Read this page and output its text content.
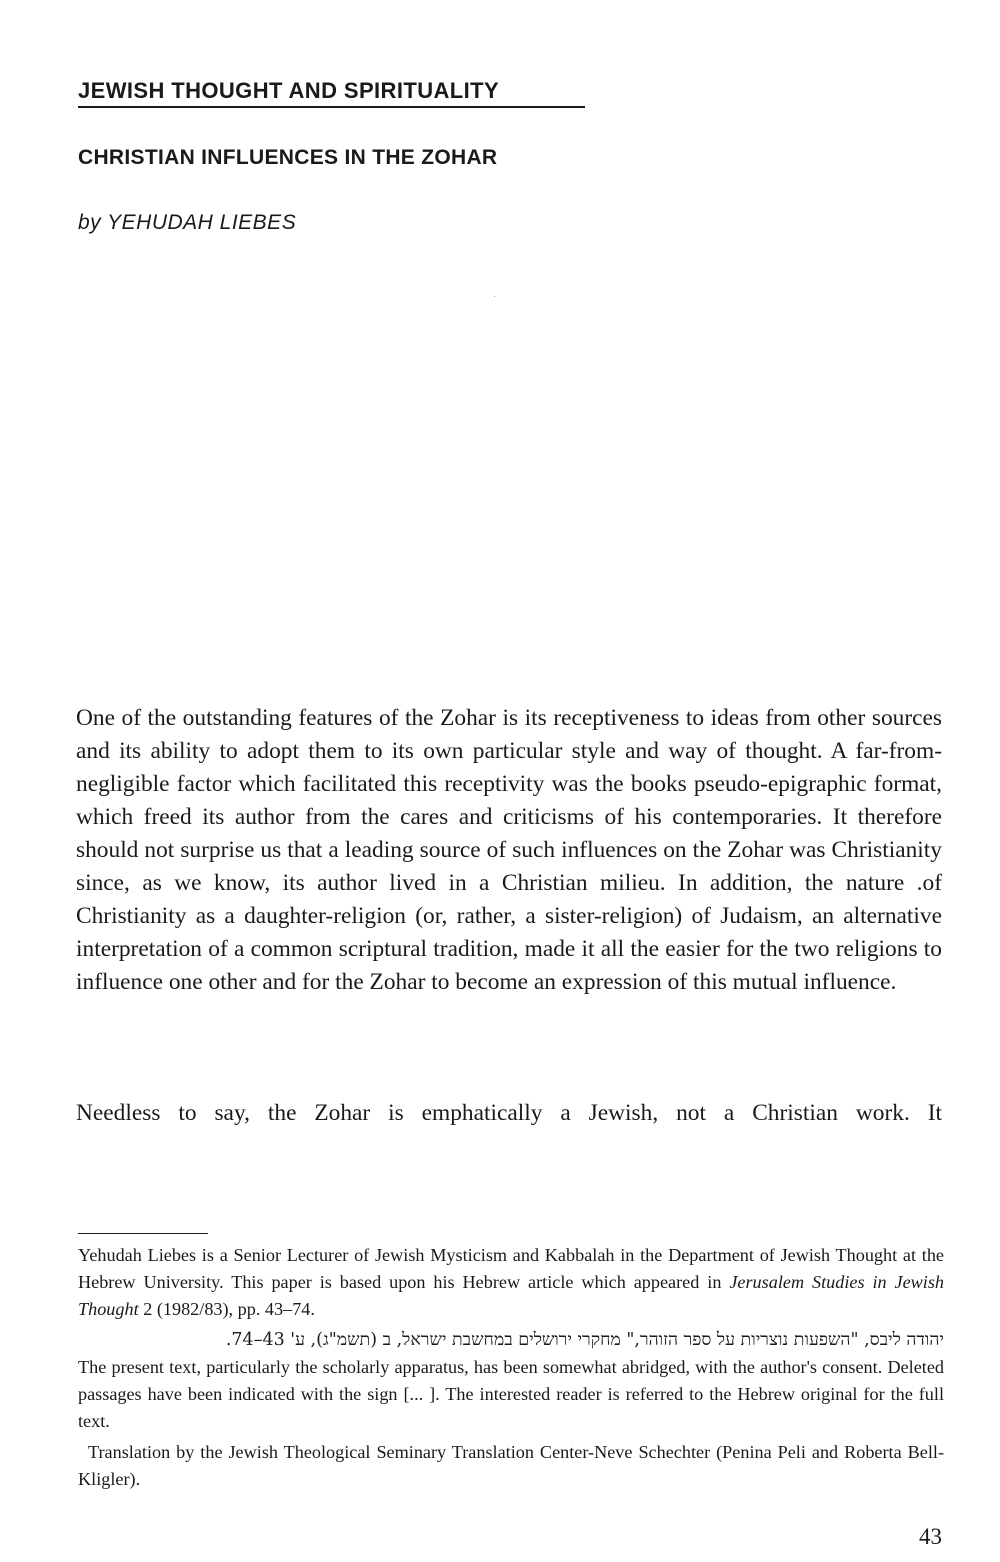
JEWISH THOUGHT AND SPIRITUALITY
CHRISTIAN INFLUENCES IN THE ZOHAR
by YEHUDAH LIEBES

One of the outstanding features of the Zohar is its receptiveness to ideas from other sources and its ability to adopt them to its own particular style and way of thought. A far-from-negligible factor which facilitated this receptivity was the books pseudo-epigraphic format, which freed its author from the cares and criticisms of his contemporaries. It therefore should not surprise us that a leading source of such influences on the Zohar was Christianity since, as we know, its author lived in a Christian milieu. In addition, the nature .of Christianity as a daughter-religion (or, rather, a sister-religion) of Judaism, an alternative interpretation of a common scriptural tradition, made it all the easier for the two religions to influence one other and for the Zohar to become an expression of this mutual influence.

Needless to say, the Zohar is emphatically a Jewish, not a Christian work. It

Yehudah Liebes is a Senior Lecturer of Jewish Mysticism and Kabbalah in the Department of Jewish Thought at the Hebrew University. This paper is based upon his Hebrew article which appeared in Jerusalem Studies in Jewish Thought 2 (1982/83), pp. 43–74.

יהודה ליבס, "השפעות נוצריות על ספר הזוהר," מחקרי ירושלים במחשבת ישראל, ב (תשמ"ג), ע' 43–74.

The present text, particularly the scholarly apparatus, has been somewhat abridged, with the author's consent. Deleted passages have been indicated with the sign [... ]. The interested reader is referred to the Hebrew original for the full text.

Translation by the Jewish Theological Seminary Translation Center-Neve Schechter (Penina Peli and Roberta Bell-Kligler).

43
